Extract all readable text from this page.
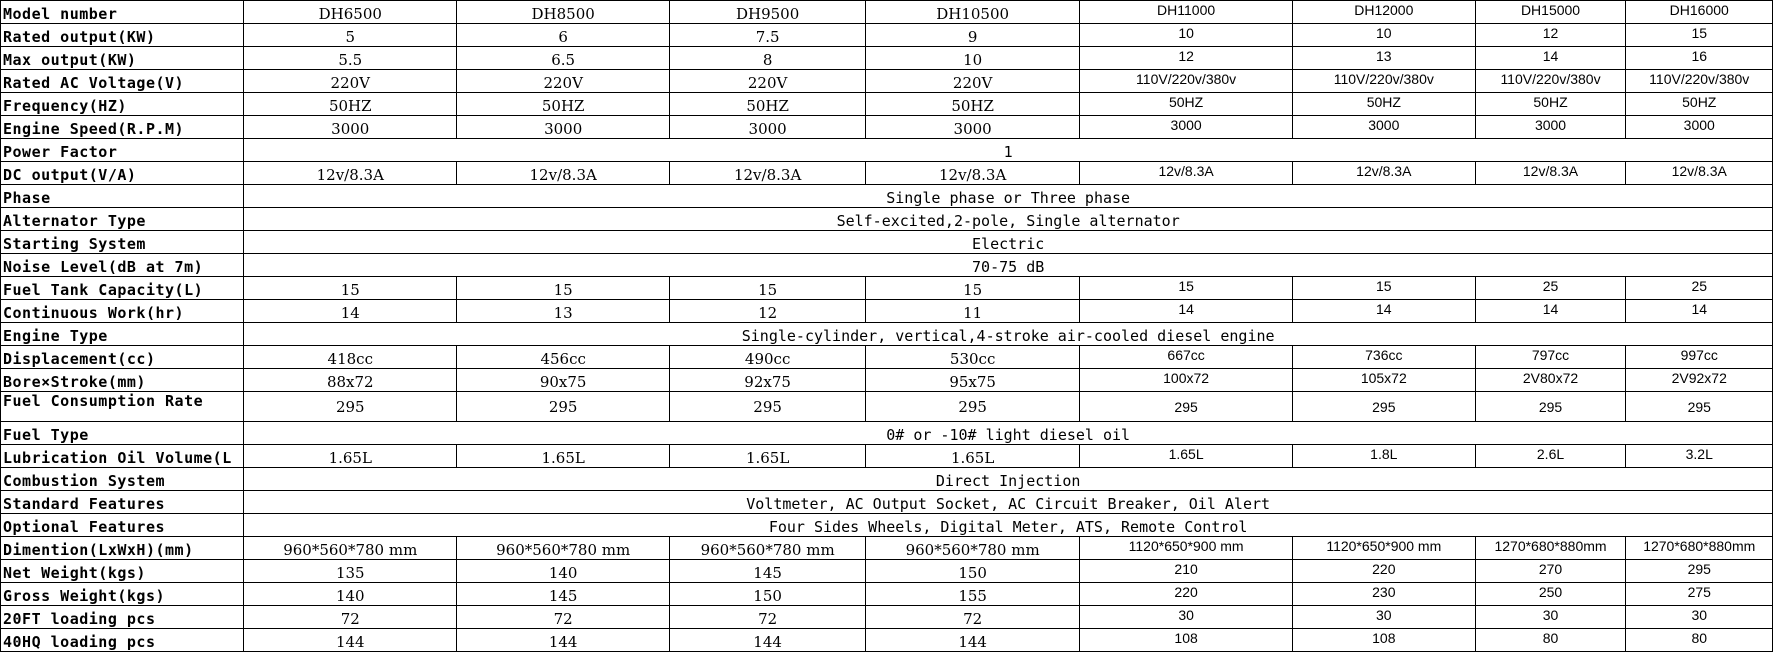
Model number	DH6500	DH8500	DH9500	DH10500	DH11000	DH12000	DH15000	DH16000
Rated output(KW)	5	6	7.5	9	10	10	12	15
Max output(KW)	5.5	6.5	8	10	12	13	14	16
Rated AC Voltage(V)	220V	220V	220V	220V	110V/220v/380v	110V/220v/380v	110V/220v/380v	110V/220v/380v
Frequency(HZ)	50HZ	50HZ	50HZ	50HZ	50HZ	50HZ	50HZ	50HZ
Engine Speed(R.P.M)	3000	3000	3000	3000	3000	3000	3000	3000
Power Factor	1							
DC output(V/A)	12v/8.3A	12v/8.3A	12v/8.3A	12v/8.3A	12v/8.3A	12v/8.3A	12v/8.3A	12v/8.3A
Phase	Single phase or Three phase							
Alternator Type	Self-excited,2-pole, Single alternator							
Starting System	Electric							
Noise Level(dB at 7m)	70-75 dB							
Fuel Tank Capacity(L)	15	15	15	15	15	15	25	25
Continuous Work(hr)	14	13	12	11	14	14	14	14
Engine Type	Single-cylinder, vertical,4-stroke air-cooled diesel engine							
Displacement(cc)	418cc	456cc	490cc	530cc	667cc	736cc	797cc	997cc
Bore×Stroke(mm)	88x72	90x75	92x75	95x75	100x72	105x72	2V80x72	2V92x72
Fuel Consumption Rate	295	295	295	295	295	295	295	295
Fuel Type	0# or -10# light diesel oil							
Lubrication Oil Volume(L	1.65L	1.65L	1.65L	1.65L	1.65L	1.8L	2.6L	3.2L
Combustion System	Direct Injection							
Standard Features	Voltmeter, AC Output Socket, AC Circuit Breaker, Oil Alert							
Optional Features	Four Sides Wheels, Digital Meter, ATS, Remote Control							
Dimention(LxWxH)(mm)	960*560*780 mm	960*560*780 mm	960*560*780 mm	960*560*780 mm	1120*650*900 mm	1120*650*900 mm	1270*680*880mm	1270*680*880mm
Net Weight(kgs)	135	140	145	150	210	220	270	295
Gross Weight(kgs)	140	145	150	155	220	230	250	275
20FT loading pcs	72	72	72	72	30	30	30	30
40HQ loading pcs	144	144	144	144	108	108	80	80
